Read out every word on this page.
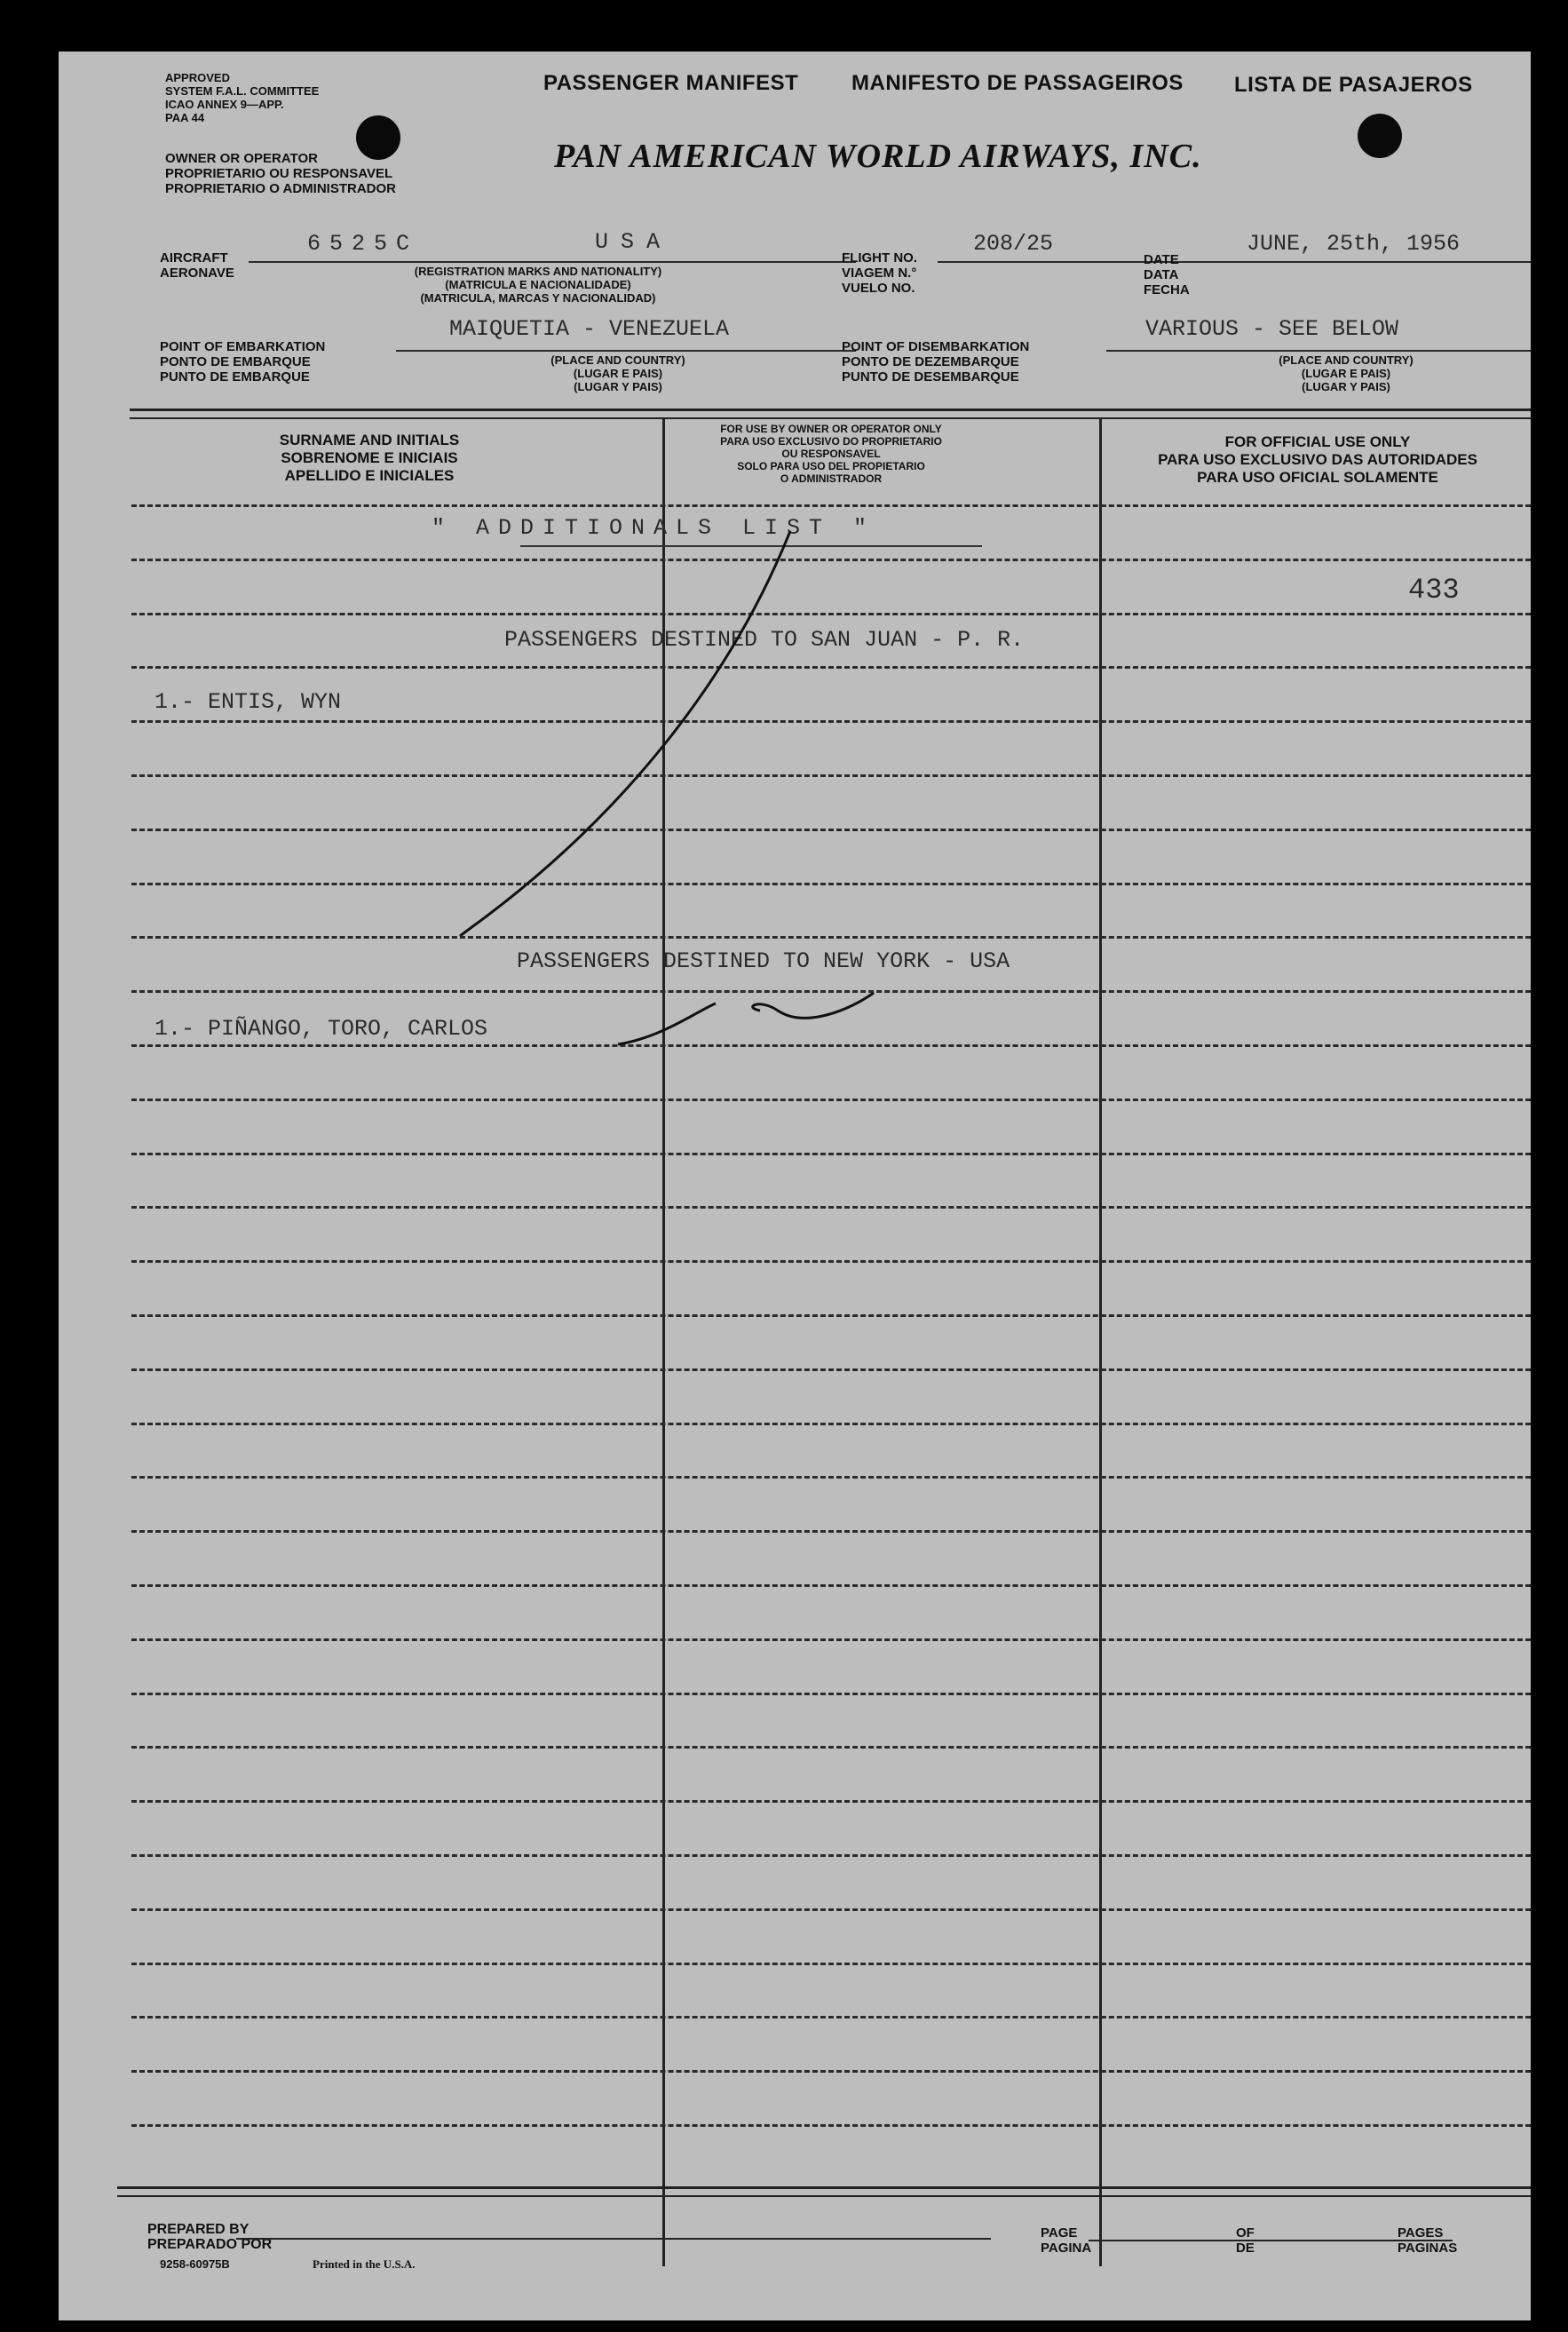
APPROVED
SYSTEM F.A.L. COMMITTEE
ICAO ANNEX 9—APP.
PAA 44
PASSENGER MANIFEST MANIFESTO DE PASSAGEIROS LISTA DE PASAJEROS
OWNER OR OPERATOR
PROPRIETARIO OU RESPONSAVEL
PROPRIETARIO O ADMINISTRADOR
PAN AMERICAN WORLD AIRWAYS, INC.
AIRCRAFT
AERONAVE
6525C	USA
(REGISTRATION MARKS AND NATIONALITY)
(MATRICULA E NACIONALIDADE)
(MATRICULA, MARCAS Y NACIONALIDAD)
FLIGHT NO.
VIAGEM N.°
VUELO NO.
208/25
DATE
DATA
FECHA
JUNE, 25th, 1956
POINT OF EMBARKATION
PONTO DE EMBARQUE
PUNTO DE EMBARQUE
MAIQUETIA - VENEZUELA
(PLACE AND COUNTRY)
(LUGAR E PAIS)
(LUGAR Y PAIS)
POINT OF DISEMBARKATION
PONTO DE DEZEMBARQUE
PUNTO DE DESEMBARQUE
VARIOUS - SEE BELOW
(PLACE AND COUNTRY)
(LUGAR E PAIS)
(LUGAR Y PAIS)
SURNAME AND INITIALS
SOBRENOME E INICIAIS
APELLIDO E INICIALES
FOR USE BY OWNER OR OPERATOR ONLY
PARA USO EXCLUSIVO DO PROPRIETARIO
OU RESPONSAVEL
SOLO PARA USO DEL PROPIETARIO
O ADMINISTRADOR
FOR OFFICIAL USE ONLY
PARA USO EXCLUSIVO DAS AUTORIDADES
PARA USO OFICIAL SOLAMENTE
" ADDITIONALS LIST "
433
PASSENGERS DESTINED TO SAN JUAN - P. R.
1.- ENTIS, WYN
PASSENGERS DESTINED TO NEW YORK - USA
1.- PIÑANGO, TORO, CARLOS
PREPARED BY
PREPARADO POR
9258-60975B	Printed in the U.S.A.
PAGE
PAGINA
OF
DE
PAGES
PAGINAS
